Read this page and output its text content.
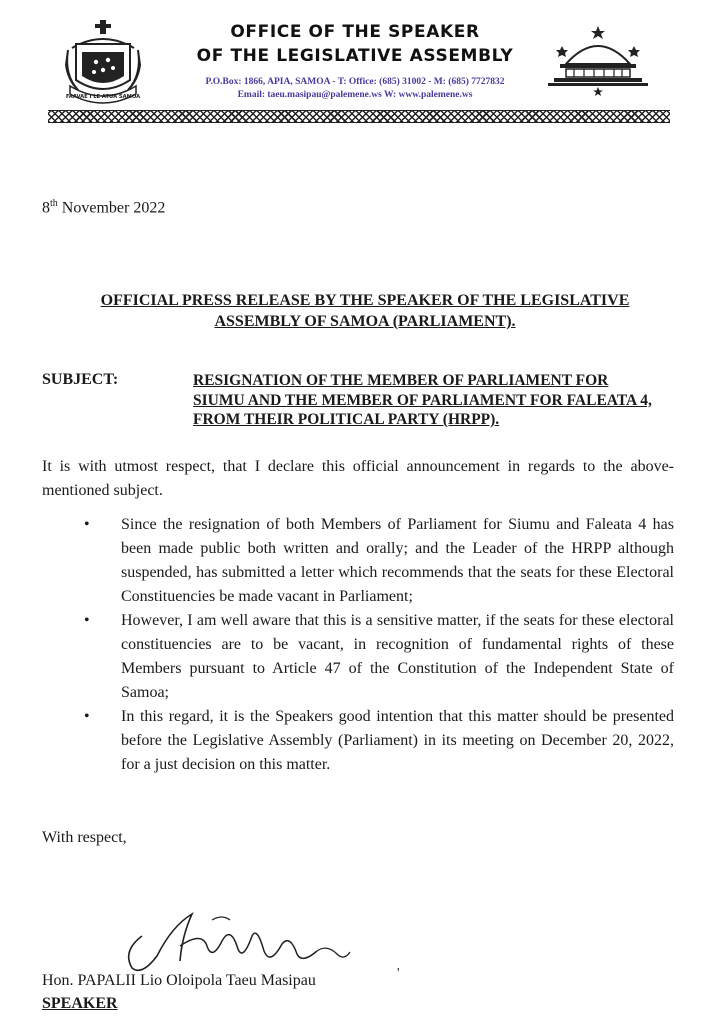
FAAVAE I LE ATUA SAMOA
OFFICE OF THE SPEAKER
OF THE LEGISLATIVE ASSEMBLY
P.O.Box: 1866, APIA, SAMOA - T: Office: (685) 31002 - M: (685) 7727832
Email: taeu.masipau@palemene.ws W: www.palemene.ws
8th November 2022
OFFICIAL PRESS RELEASE BY THE SPEAKER OF THE LEGISLATIVE
ASSEMBLY OF SAMOA (PARLIAMENT).
SUBJECT:	RESIGNATION OF THE MEMBER OF PARLIAMENT FOR
SIUMU AND THE MEMBER OF PARLIAMENT FOR FALEATA 4,
FROM THEIR POLITICAL PARTY (HRPP).
It is with utmost respect, that I declare this official announcement in regards to the above-mentioned subject.
• Since the resignation of both Members of Parliament for Siumu and Faleata 4 has been made public both written and orally; and the Leader of the HRPP although suspended, has submitted a letter which recommends that the seats for these Electoral Constituencies be made vacant in Parliament;
• However, I am well aware that this is a sensitive matter, if the seats for these electoral constituencies are to be vacant, in recognition of fundamental rights of these Members pursuant to Article 47 of the Constitution of the Independent State of Samoa;
• In this regard, it is the Speakers good intention that this matter should be presented before the Legislative Assembly (Parliament) in its meeting on December 20, 2022, for a just decision on this matter.
With respect,
Hon. PAPALII Lio Oloipola Taeu Masipau	'
SPEAKER
